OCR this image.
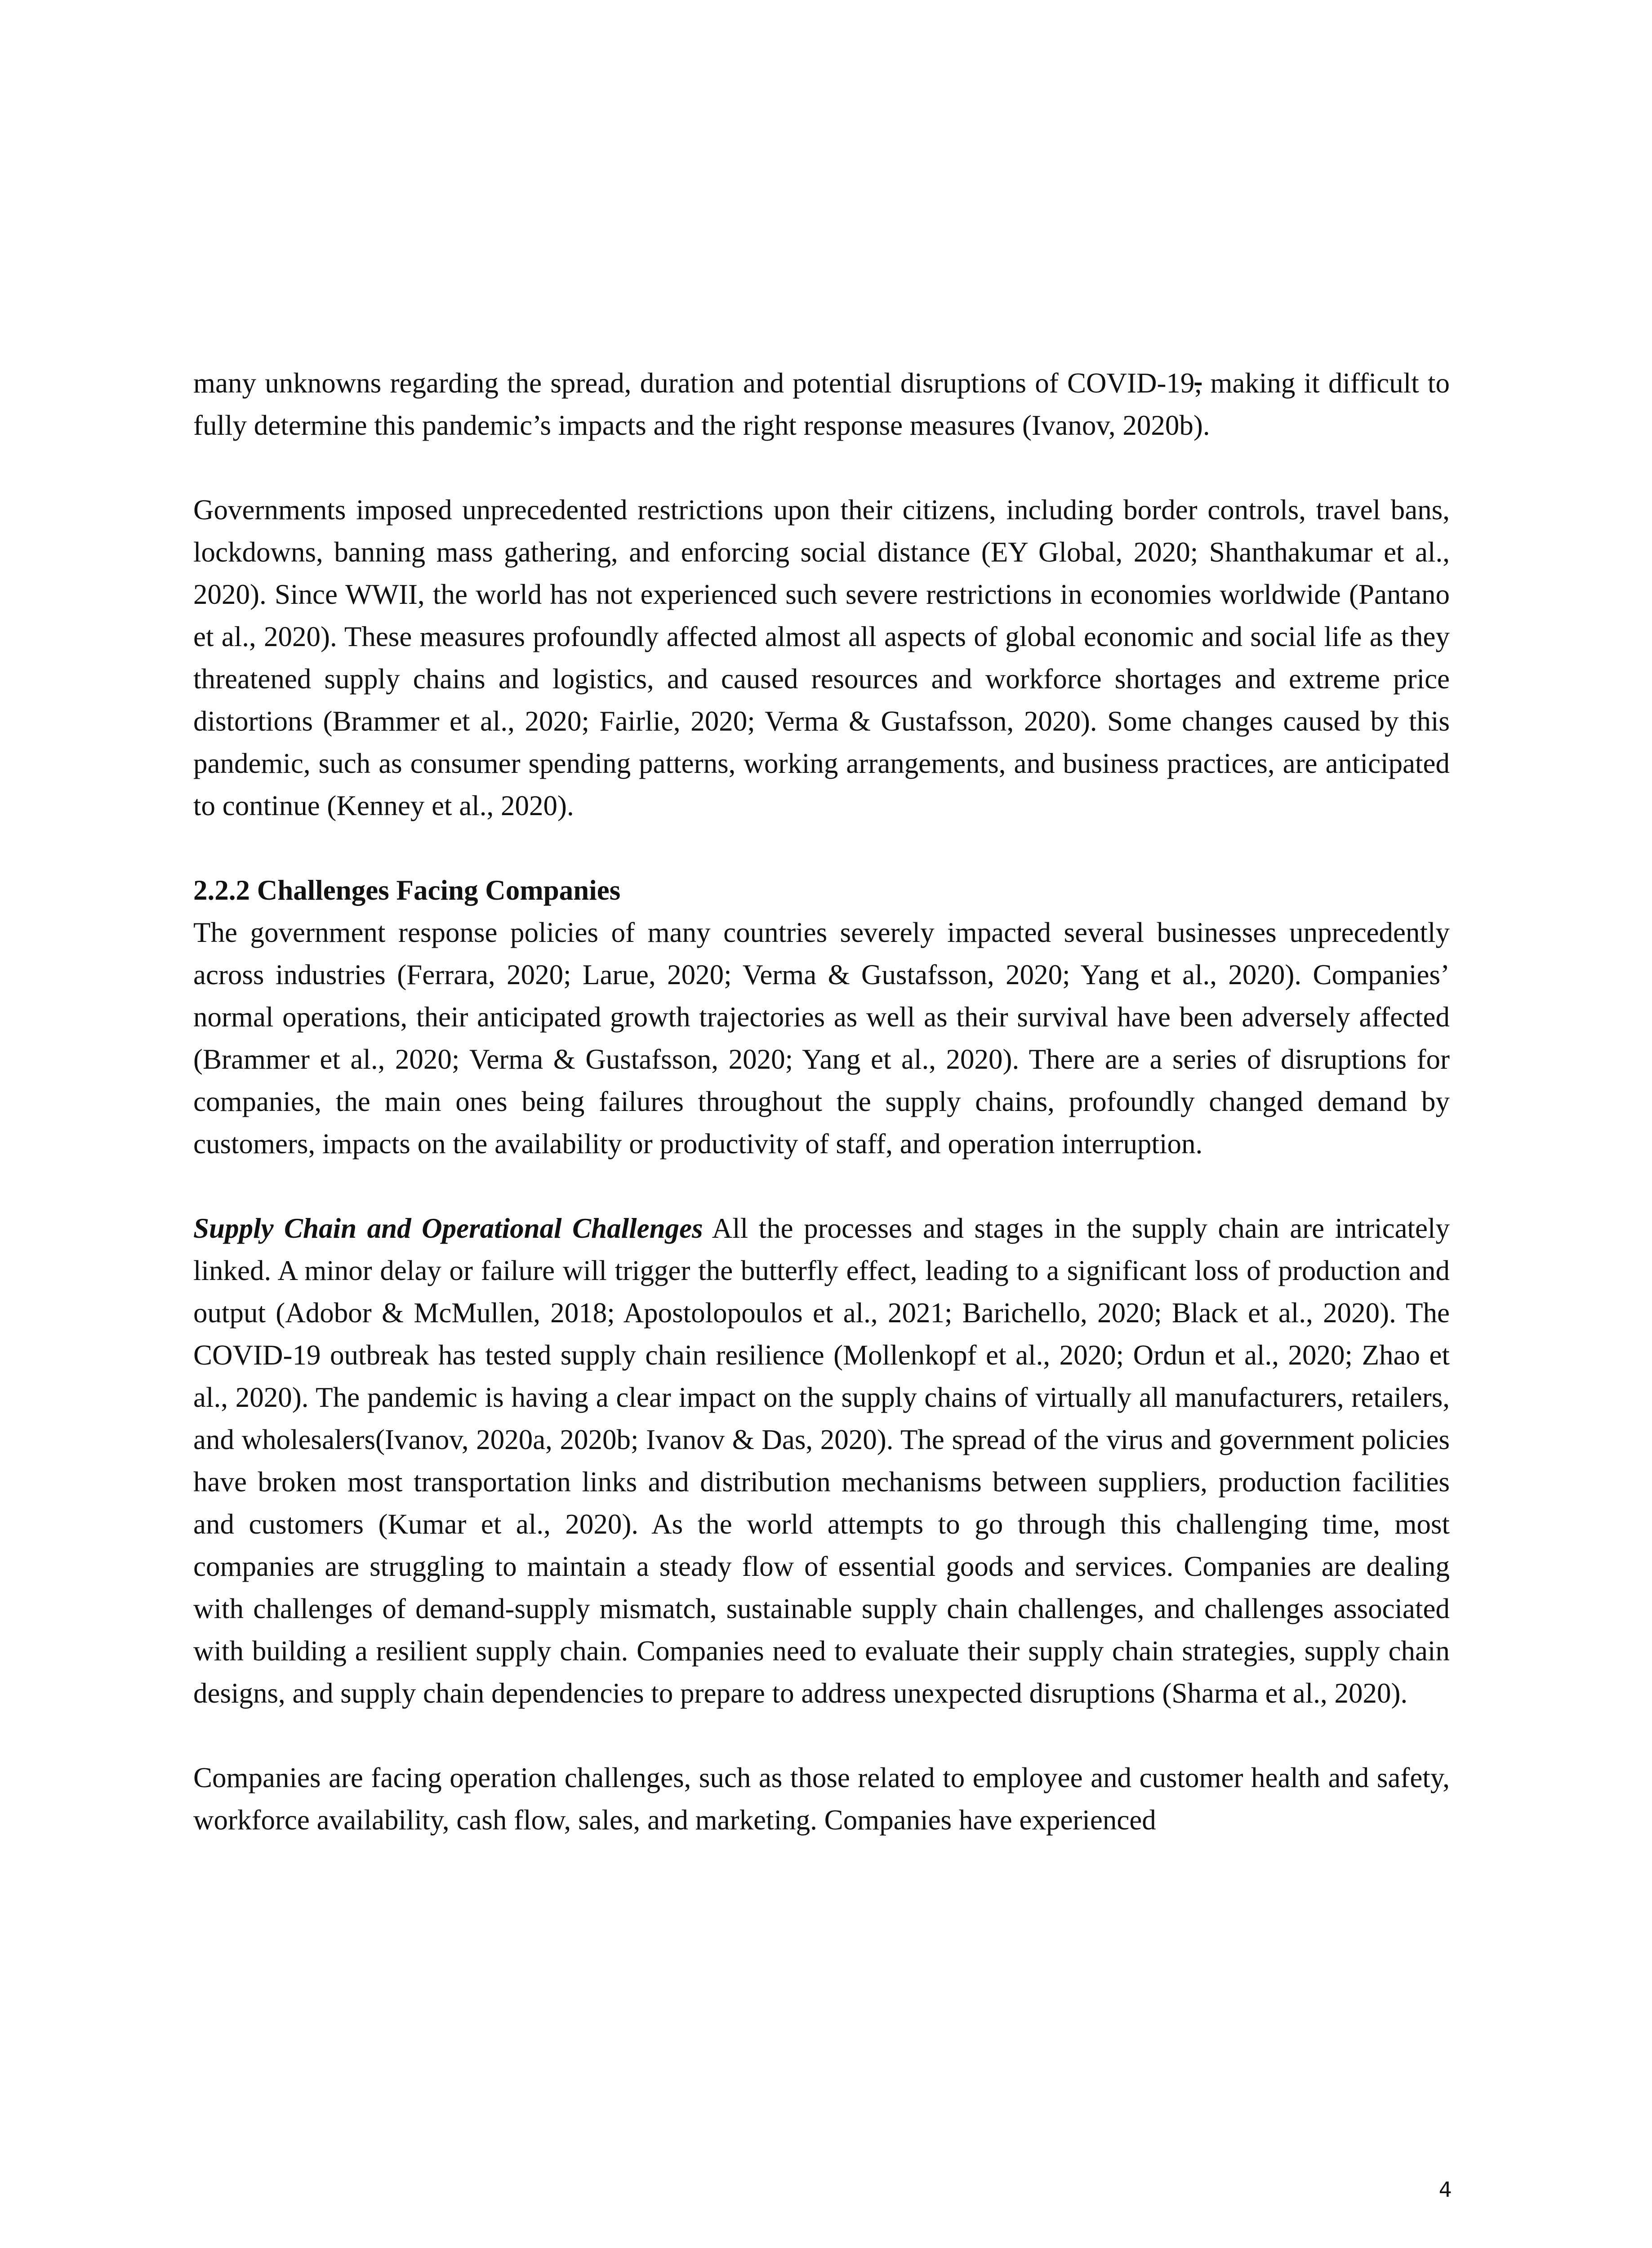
many unknowns regarding the spread, duration and potential disruptions of COVID-19, making it difficult to fully determine this pandemic’s impacts and the right response measures (Ivanov, 2020b).

Governments imposed unprecedented restrictions upon their citizens, including border controls, travel bans, lockdowns, banning mass gathering, and enforcing social distance (EY Global, 2020; Shanthakumar et al., 2020). Since WWII, the world has not experienced such severe restrictions in economies worldwide (Pantano et al., 2020). These measures profoundly affected almost all aspects of global economic and social life as they threatened supply chains and logistics, and caused resources and workforce shortages and extreme price distortions (Brammer et al., 2020; Fairlie, 2020; Verma & Gustafsson, 2020). Some changes caused by this pandemic, such as consumer spending patterns, working arrangements, and business practices, are anticipated to continue (Kenney et al., 2020).

2.2.2 Challenges Facing Companies

The government response policies of many countries severely impacted several businesses unprecedently across industries (Ferrara, 2020; Larue, 2020; Verma & Gustafsson, 2020; Yang et al., 2020). Companies’ normal operations, their anticipated growth trajectories as well as their survival have been adversely affected (Brammer et al., 2020; Verma & Gustafsson, 2020; Yang et al., 2020). There are a series of disruptions for companies, the main ones being failures throughout the supply chains, profoundly changed demand by customers, impacts on the availability or productivity of staff, and operation interruption.

Supply Chain and Operational Challenges All the processes and stages in the supply chain are intricately linked. A minor delay or failure will trigger the butterfly effect, leading to a significant loss of production and output (Adobor & McMullen, 2018; Apostolopoulos et al., 2021; Barichello, 2020; Black et al., 2020). The COVID-19 outbreak has tested supply chain resilience (Mollenkopf et al., 2020; Ordun et al., 2020; Zhao et al., 2020). The pandemic is having a clear impact on the supply chains of virtually all manufacturers, retailers, and wholesalers(Ivanov, 2020a, 2020b; Ivanov & Das, 2020). The spread of the virus and government policies have broken most transportation links and distribution mechanisms between suppliers, production facilities and customers (Kumar et al., 2020). As the world attempts to go through this challenging time, most companies are struggling to maintain a steady flow of essential goods and services. Companies are dealing with challenges of demand-supply mismatch, sustainable supply chain challenges, and challenges associated with building a resilient supply chain. Companies need to evaluate their supply chain strategies, supply chain designs, and supply chain dependencies to prepare to address unexpected disruptions (Sharma et al., 2020).

Companies are facing operation challenges, such as those related to employee and customer health and safety, workforce availability, cash flow, sales, and marketing. Companies have experienced

4
